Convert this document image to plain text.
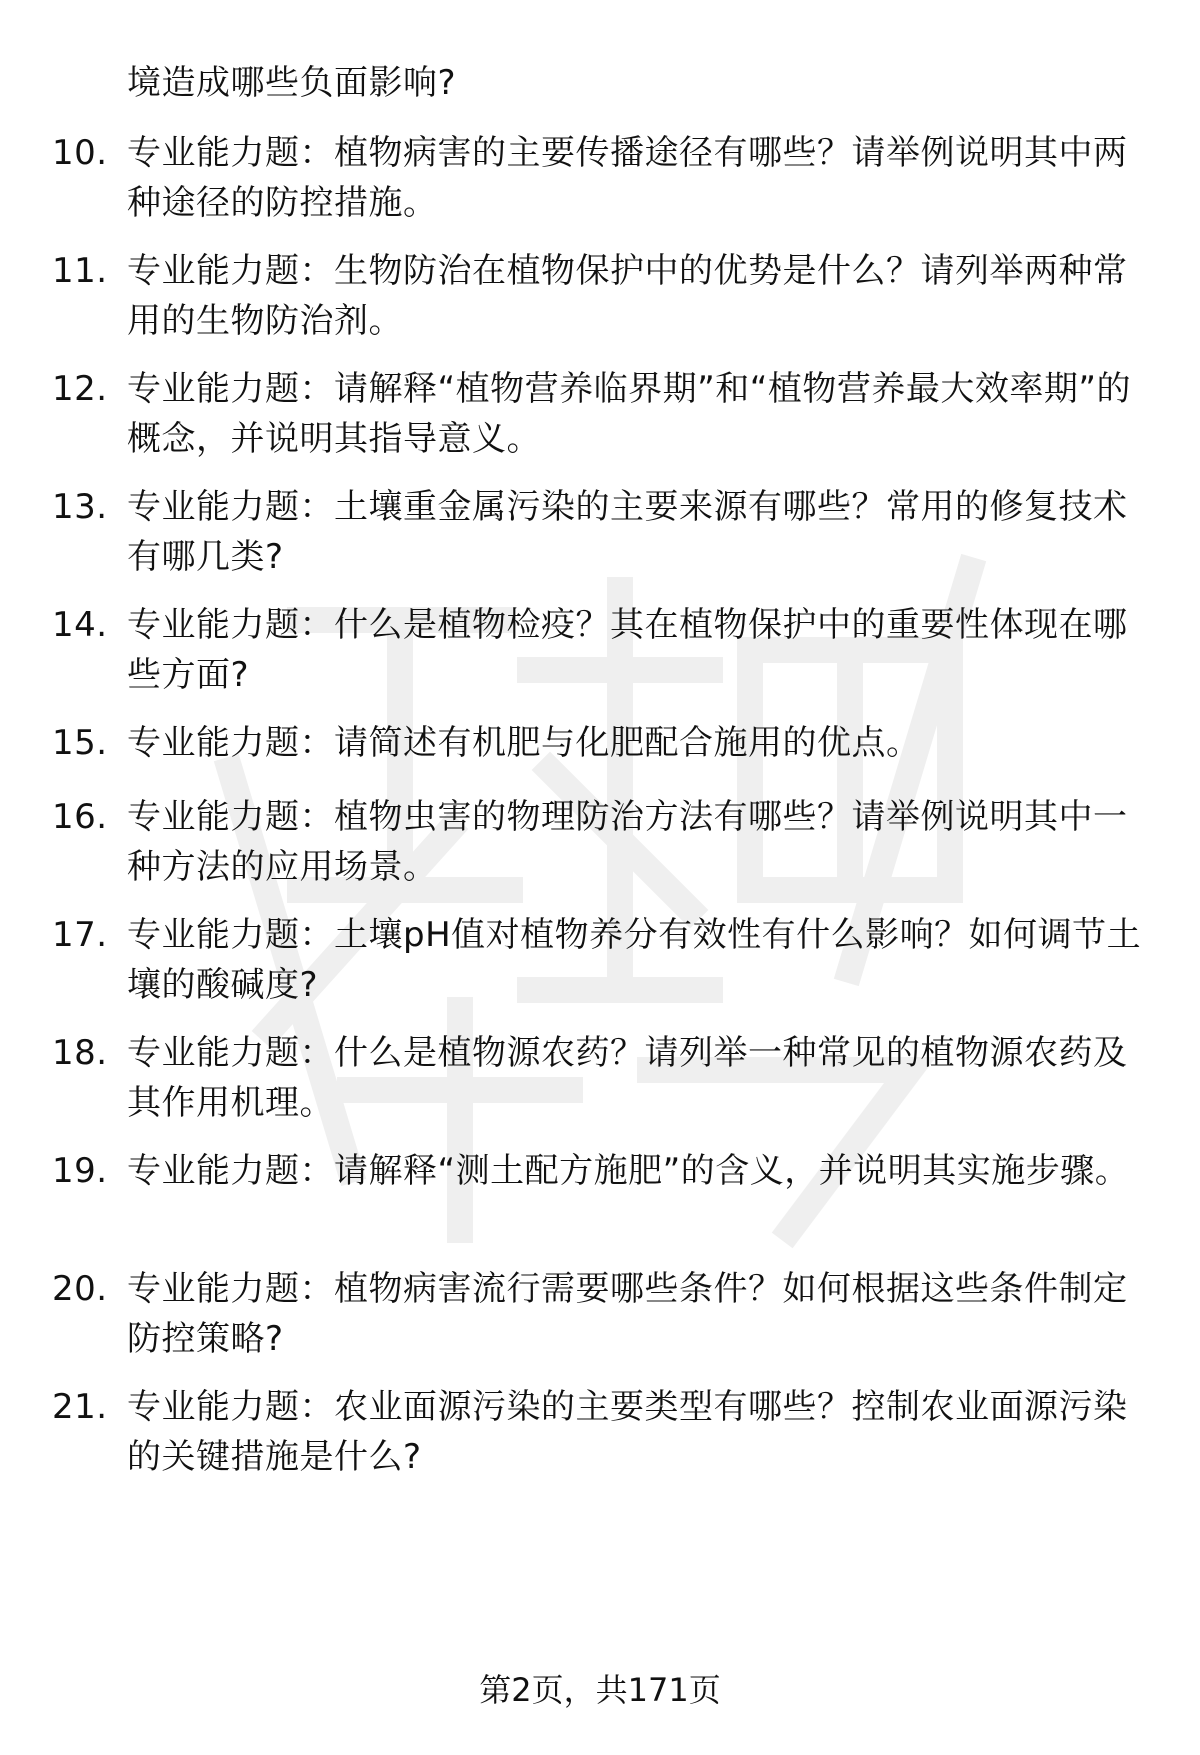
境造成哪些负面影响?
10. 专业能力题：植物病害的主要传播途径有哪些？请举例说明其中两种途径的防控措施。
11. 专业能力题：生物防治在植物保护中的优势是什么？请列举两种常用的生物防治剂。
12. 专业能力题：请解释“植物营养临界期”和“植物营养最大效率期”的概念，并说明其指导意义。
13. 专业能力题：土壤重金属污染的主要来源有哪些？常用的修复技术有哪几类?
14. 专业能力题：什么是植物检疫？其在植物保护中的重要性体现在哪些方面?
15. 专业能力题：请简述有机肥与化肥配合施用的优点。
16. 专业能力题：植物虫害的物理防治方法有哪些？请举例说明其中一种方法的应用场景。
17. 专业能力题：土壤pH值对植物养分有效性有什么影响？如何调节土壤的酸碱度?
18. 专业能力题：什么是植物源农药？请列举一种常见的植物源农药及其作用机理。
19. 专业能力题：请解释“测土配方施肥”的含义，并说明其实施步骤。
20. 专业能力题：植物病害流行需要哪些条件？如何根据这些条件制定防控策略?
21. 专业能力题：农业面源污染的主要类型有哪些？控制农业面源污染的关键措施是什么?
第2页，共171页
